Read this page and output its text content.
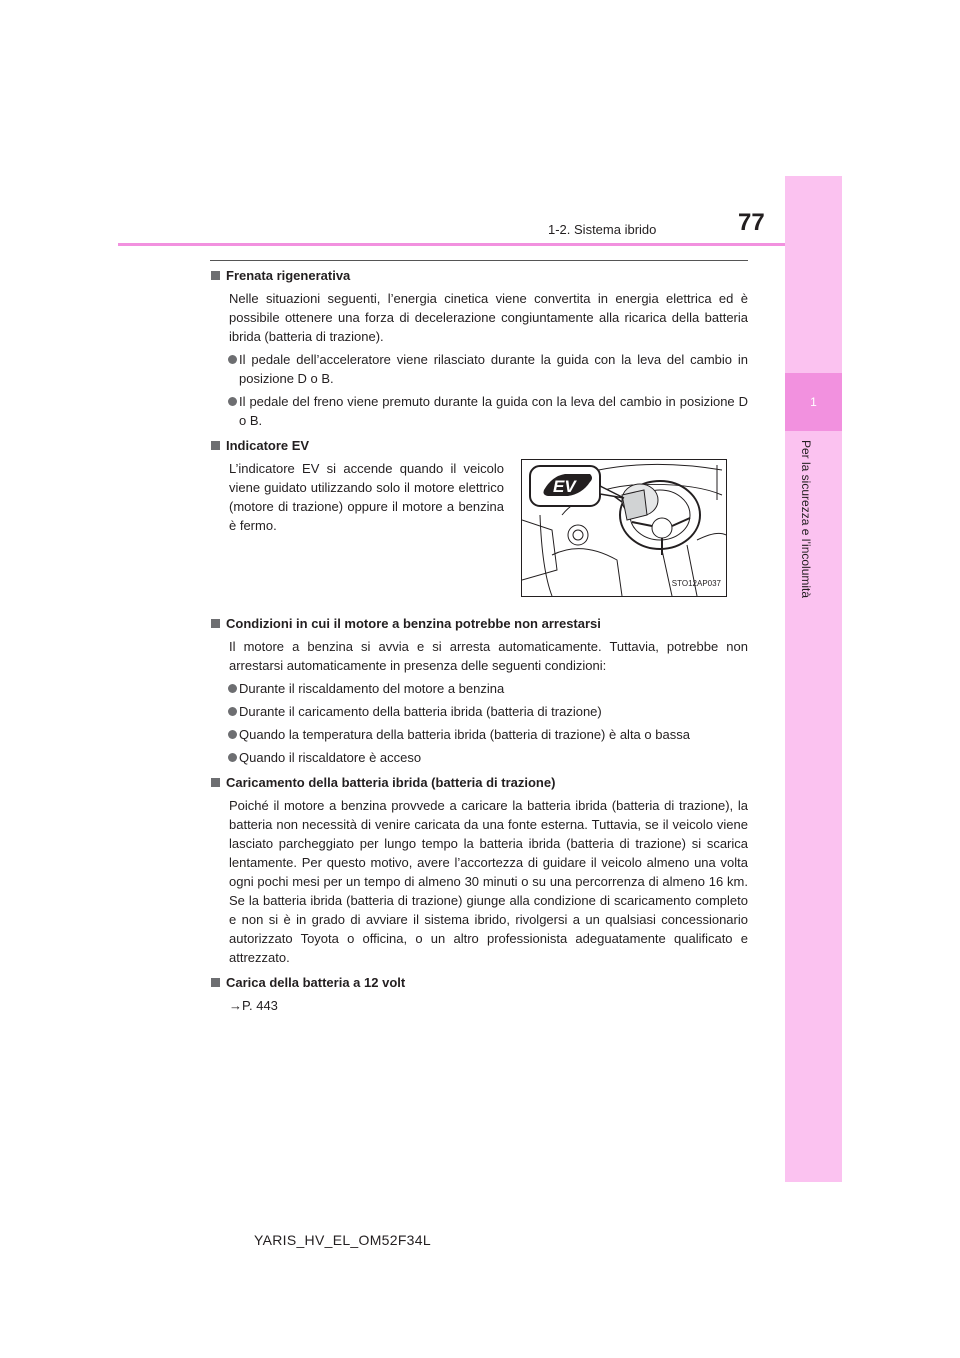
1
Per la sicurezza e l’incolumità
1-2. Sistema ibrido	77
Frenata rigenerativa
Nelle situazioni seguenti, l’energia cinetica viene convertita in energia elettrica ed è possibile ottenere una forza di decelerazione congiuntamente alla ricarica della batteria ibrida (batteria di trazione).
Il pedale dell’acceleratore viene rilasciato durante la guida con la leva del cambio in posizione D o B.
Il pedale del freno viene premuto durante la guida con la leva del cambio in posizione D o B.
Indicatore EV
L’indicatore EV si accende quando il veicolo viene guidato utilizzando solo il motore elettrico (motore di trazione) oppure il motore a benzina è fermo.
EV
STO12AP037
Condizioni in cui il motore a benzina potrebbe non arrestarsi
Il motore a benzina si avvia e si arresta automaticamente. Tuttavia, potrebbe non arrestarsi automaticamente in presenza delle seguenti condizioni:
Durante il riscaldamento del motore a benzina
Durante il caricamento della batteria ibrida (batteria di trazione)
Quando la temperatura della batteria ibrida (batteria di trazione) è alta o bassa
Quando il riscaldatore è acceso
Caricamento della batteria ibrida (batteria di trazione)
Poiché il motore a benzina provvede a caricare la batteria ibrida (batteria di trazione), la batteria non necessità di venire caricata da una fonte esterna. Tuttavia, se il veicolo viene lasciato parcheggiato per lungo tempo la batteria ibrida (batteria di trazione) si scarica lentamente. Per questo motivo, avere l’accortezza di guidare il veicolo almeno una volta ogni pochi mesi per un tempo di almeno 30 minuti o su una percorrenza di almeno 16 km. Se la batteria ibrida (batteria di trazione) giunge alla condizione di scaricamento completo e non si è in grado di avviare il sistema ibrido, rivolgersi a un qualsiasi concessionario autorizzato Toyota o officina, o un altro professionista adeguatamente qualificato e attrezzato.
Carica della batteria a 12 volt
→P. 443
YARIS_HV_EL_OM52F34L
